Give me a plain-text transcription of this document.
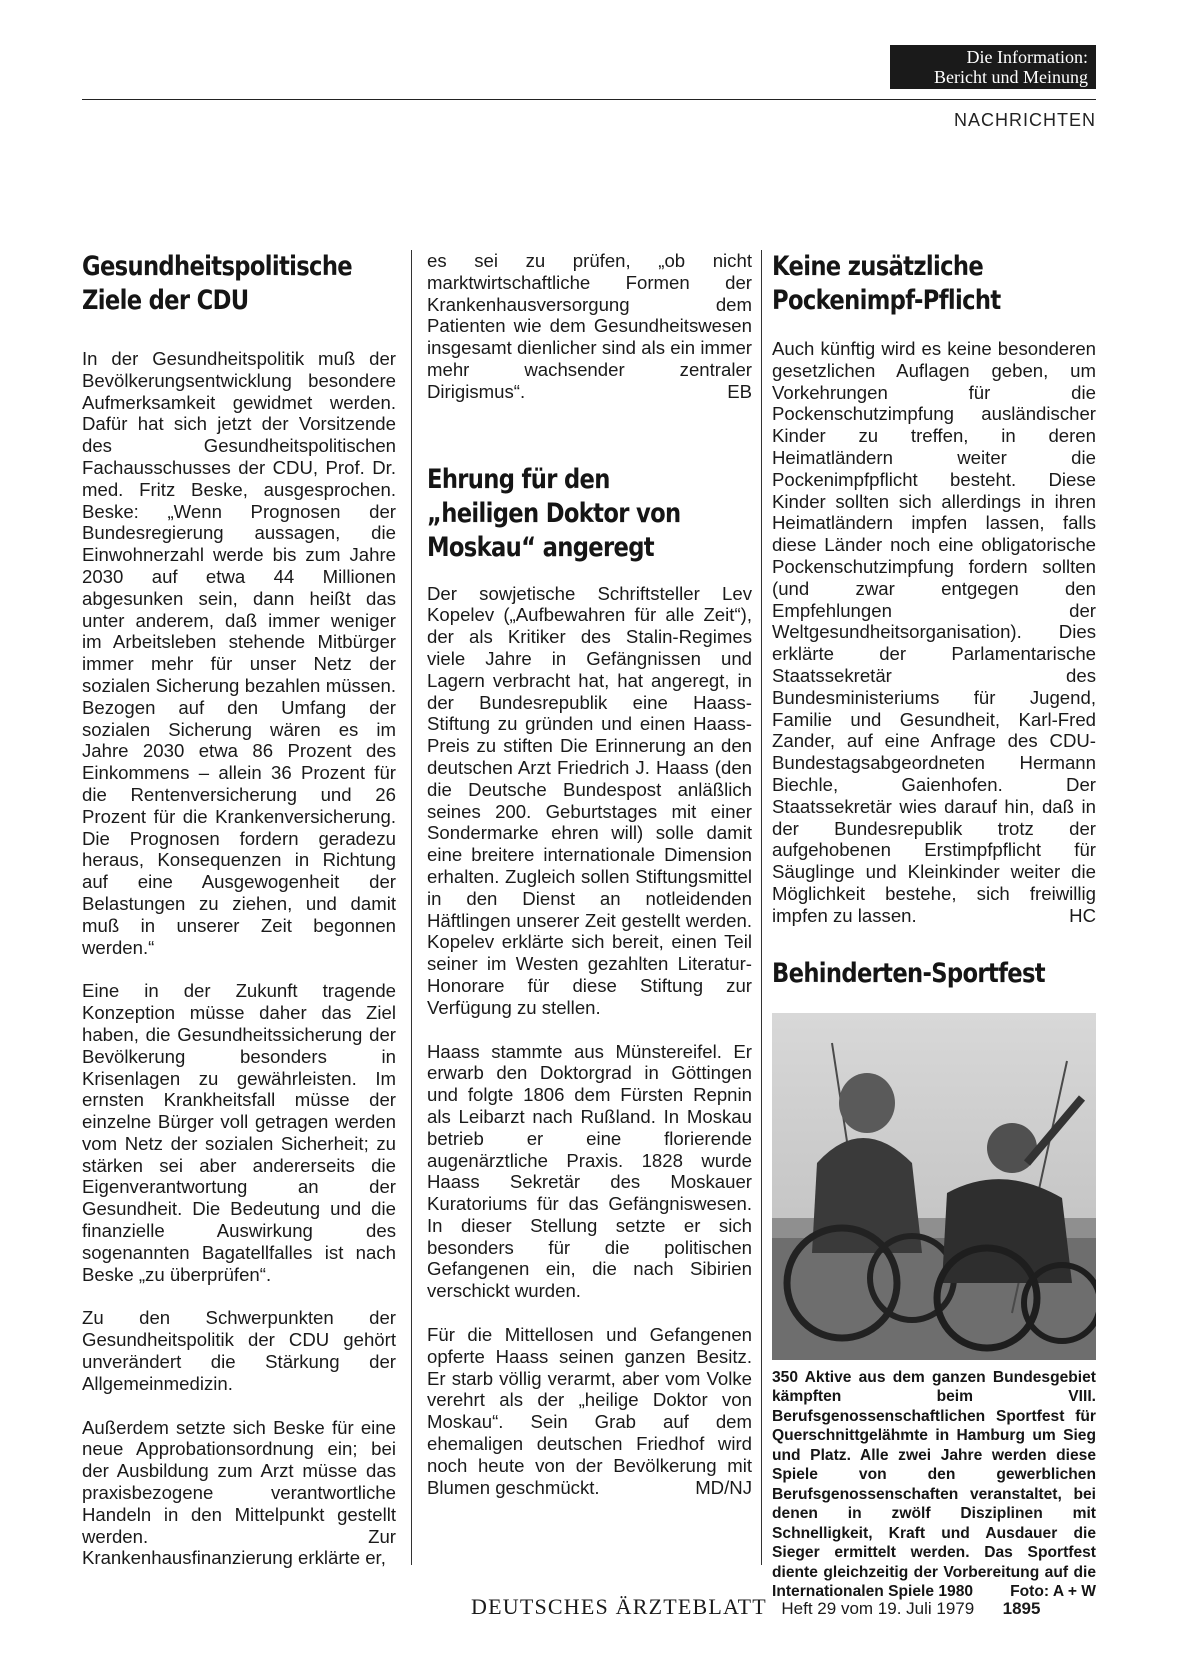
Die Information:
Bericht und Meinung
NACHRICHTEN
Gesundheitspolitische
Ziele der CDU

In der Gesundheitspolitik muß der Bevölkerungsentwicklung besondere Aufmerksamkeit gewidmet werden. Dafür hat sich jetzt der Vorsitzende des Gesundheitspolitischen Fachausschusses der CDU, Prof. Dr. med. Fritz Beske, ausgesprochen. Beske: „Wenn Prognosen der Bundesregierung aussagen, die Einwohnerzahl werde bis zum Jahre 2030 auf etwa 44 Millionen abgesunken sein, dann heißt das unter anderem, daß immer weniger im Arbeitsleben stehende Mitbürger immer mehr für unser Netz der sozialen Sicherung bezahlen müssen. Bezogen auf den Umfang der sozialen Sicherung wären es im Jahre 2030 etwa 86 Prozent des Einkommens – allein 36 Prozent für die Rentenversicherung und 26 Prozent für die Krankenversicherung. Die Prognosen fordern geradezu heraus, Konsequenzen in Richtung auf eine Ausgewogenheit der Belastungen zu ziehen, und damit muß in unserer Zeit begonnen werden.“

Eine in der Zukunft tragende Konzeption müsse daher das Ziel haben, die Gesundheitssicherung der Bevölkerung besonders in Krisenlagen zu gewährleisten. Im ernsten Krankheitsfall müsse der einzelne Bürger voll getragen werden vom Netz der sozialen Sicherheit; zu stärken sei aber andererseits die Eigenverantwortung an der Gesundheit. Die Bedeutung und die finanzielle Auswirkung des sogenannten Bagatellfalles ist nach Beske „zu überprüfen“.

Zu den Schwerpunkten der Gesundheitspolitik der CDU gehört unverändert die Stärkung der Allgemeinmedizin.

Außerdem setzte sich Beske für eine neue Approbationsordnung ein; bei der Ausbildung zum Arzt müsse das praxisbezogene verantwortliche Handeln in den Mittelpunkt gestellt werden. Zur Krankenhausfinanzierung erklärte er,

es sei zu prüfen, „ob nicht marktwirtschaftliche Formen der Krankenhausversorgung dem Patienten wie dem Gesundheitswesen insgesamt dienlicher sind als ein immer mehr wachsender zentraler Dirigismus“.	EB

Ehrung für den
„heiligen Doktor von
Moskau“ angeregt

Der sowjetische Schriftsteller Lev Kopelev („Aufbewahren für alle Zeit“), der als Kritiker des Stalin-Regimes viele Jahre in Gefängnissen und Lagern verbracht hat, hat angeregt, in der Bundesrepublik eine Haass-Stiftung zu gründen und einen Haass-Preis zu stiften Die Erinnerung an den deutschen Arzt Friedrich J. Haass (den die Deutsche Bundespost anläßlich seines 200. Geburtstages mit einer Sondermarke ehren will) solle damit eine breitere internationale Dimension erhalten. Zugleich sollen Stiftungsmittel in den Dienst an notleidenden Häftlingen unserer Zeit gestellt werden. Kopelev erklärte sich bereit, einen Teil seiner im Westen gezahlten Literatur-Honorare für diese Stiftung zur Verfügung zu stellen.

Haass stammte aus Münstereifel. Er erwarb den Doktorgrad in Göttingen und folgte 1806 dem Fürsten Repnin als Leibarzt nach Rußland. In Moskau betrieb er eine florierende augenärztliche Praxis. 1828 wurde Haass Sekretär des Moskauer Kuratoriums für das Gefängniswesen. In dieser Stellung setzte er sich besonders für die politischen Gefangenen ein, die nach Sibirien verschickt wurden.

Für die Mittellosen und Gefangenen opferte Haass seinen ganzen Besitz. Er starb völlig verarmt, aber vom Volke verehrt als der „heilige Doktor von Moskau“. Sein Grab auf dem ehemaligen deutschen Friedhof wird noch heute von der Bevölkerung mit Blumen geschmückt.	MD/NJ

Keine zusätzliche
Pockenimpf-Pflicht

Auch künftig wird es keine besonderen gesetzlichen Auflagen geben, um Vorkehrungen für die Pockenschutzimpfung ausländischer Kinder zu treffen, in deren Heimatländern weiter die Pockenimpfpflicht besteht. Diese Kinder sollten sich allerdings in ihren Heimatländern impfen lassen, falls diese Länder noch eine obligatorische Pockenschutzimpfung fordern sollten (und zwar entgegen den Empfehlungen der Weltgesundheitsorganisation). Dies erklärte der Parlamentarische Staatssekretär des Bundesministeriums für Jugend, Familie und Gesundheit, Karl-Fred Zander, auf eine Anfrage des CDU-Bundestagsabgeordneten Hermann Biechle, Gaienhofen. Der Staatssekretär wies darauf hin, daß in der Bundesrepublik trotz der aufgehobenen Erstimpfpflicht für Säuglinge und Kleinkinder weiter die Möglichkeit bestehe, sich freiwillig impfen zu lassen.	HC

Behinderten-Sportfest

350 Aktive aus dem ganzen Bundesgebiet kämpften beim VIII. Berufsgenossenschaftlichen Sportfest für Querschnittgelähmte in Hamburg um Sieg und Platz. Alle zwei Jahre werden diese Spiele von den gewerblichen Berufsgenossenschaften veranstaltet, bei denen in zwölf Disziplinen mit Schnelligkeit, Kraft und Ausdauer die Sieger ermittelt werden. Das Sportfest diente gleichzeitig der Vorbereitung auf die Internationalen Spiele 1980 Foto: A + W

DEUTSCHES ÄRZTEBLATT Heft 29 vom 19. Juli 1979 1895
